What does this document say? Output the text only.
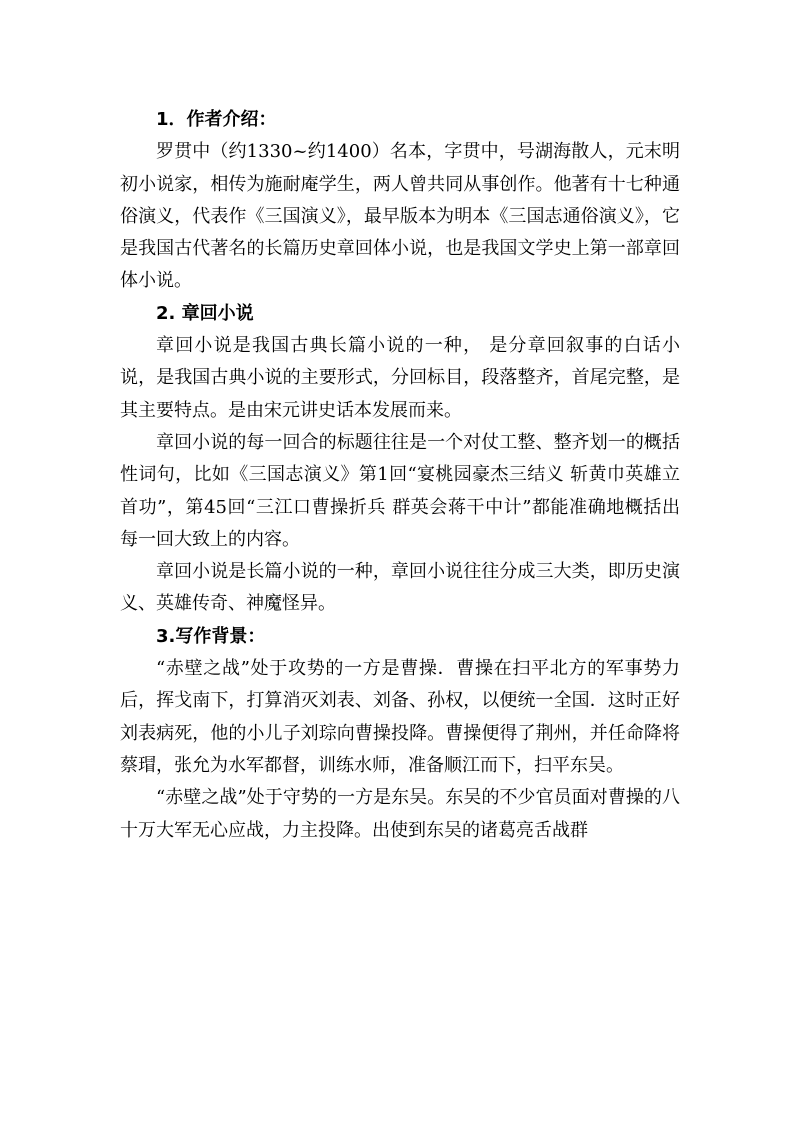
1．作者介绍：

罗贯中（约1330~约1400）名本，字贯中，号湖海散人，元末明初小说家，相传为施耐庵学生，两人曾共同从事创作。他著有十七种通俗演义，代表作《三国演义》，最早版本为明本《三国志通俗演义》，它是我国古代著名的长篇历史章回体小说，也是我国文学史上第一部章回体小说。

2. 章回小说

章回小说是我国古典长篇小说的一种， 是分章回叙事的白话小说，是我国古典小说的主要形式，分回标目，段落整齐，首尾完整，是其主要特点。是由宋元讲史话本发展而来。

章回小说的每一回合的标题往往是一个对仗工整、整齐划一的概括性词句，比如《三国志演义》第1回“宴桃园豪杰三结义 斩黄巾英雄立首功”，第45回“三江口曹操折兵 群英会蒋干中计”都能准确地概括出每一回大致上的内容。

章回小说是长篇小说的一种，章回小说往往分成三大类，即历史演义、英雄传奇、神魔怪异。

3.写作背景：

“赤壁之战”处于攻势的一方是曹操．曹操在扫平北方的军事势力后，挥戈南下，打算消灭刘表、刘备、孙权，以便统一全国．这时正好刘表病死，他的小儿子刘琮向曹操投降。曹操便得了荆州，并任命降将蔡瑁，张允为水军都督，训练水师，准备顺江而下，扫平东吴。

“赤壁之战”处于守势的一方是东吴。东吴的不少官员面对曹操的八十万大军无心应战，力主投降。出使到东吴的诸葛亮舌战群
